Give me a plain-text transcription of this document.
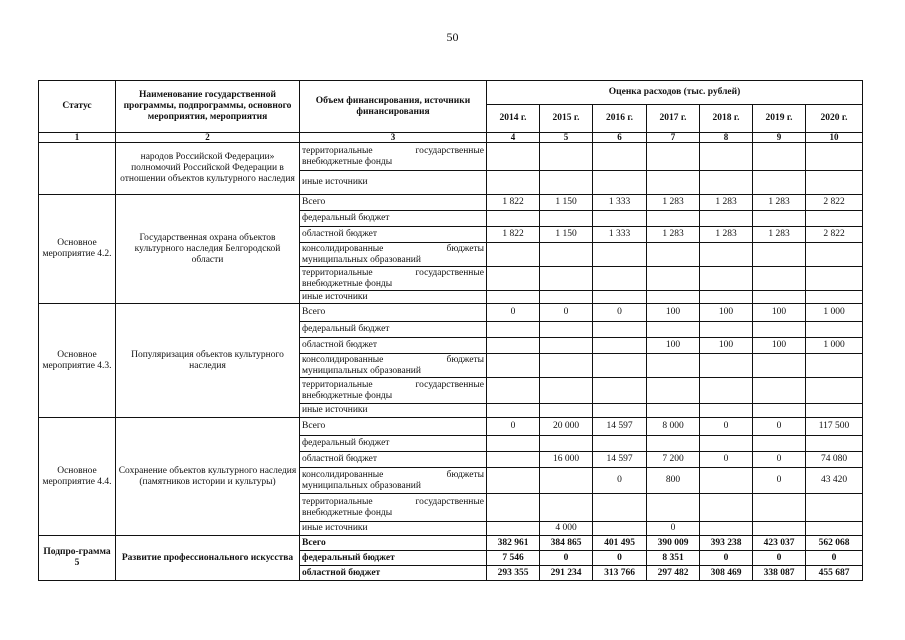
50
Статус	Наименование государственной программы, подпрограммы, основного мероприятия, мероприятия	Объем финансирования, источники финансирования	Оценка расходов (тыс. рублей)						
			2014 г.	2015 г.	2016 г.	2017 г.	2018 г.	2019 г.	2020 г.
1	2	3	4	5	6	7	8	9	10
	народов Российской Федерации» полномочий Российской Федерации в отношении объектов культурного наследия	территориальные государственные
внебюджетные фонды							

		иные источники							
Основное мероприятие 4.2.	Государственная охрана объектов культурного наследия Белгородской области	Всего	1 822	1 150	1 333	1 283	1 283	1 283	2 822
		федеральный бюджет							
		областной бюджет	1 822	1 150	1 333	1 283	1 283	1 283	2 822

		консолидированные бюджеты
муниципальных образований							

		территориальные государственные
внебюджетные фонды							

		иные источники							
Основное мероприятие 4.3.	Популяризация объектов культурного наследия	Всего	0	0	0	100	100	100	1 000
		федеральный бюджет							
		областной бюджет				100	100	100	1 000

		консолидированные бюджеты
муниципальных образований							

		территориальные государственные
внебюджетные фонды							

		иные источники							
Основное мероприятие 4.4.	Сохранение объектов культурного наследия (памятников истории и культуры)	Всего	0	20 000	14 597	8 000	0	0	117 500
		федеральный бюджет							
		областной бюджет		16 000	14 597	7 200	0	0	74 080

		консолидированные бюджеты
муниципальных образований			0	800		0	43 420

		территориальные государственные
внебюджетные фонды							

		иные источники		4 000		0			
Подпро-грамма 5	Развитие профессионального искусства	Всего	382 961	384 865	401 495	390 009	393 238	423 037	562 068
		федеральный бюджет	7 546	0	0	8 351	0	0	0
		областной бюджет	293 355	291 234	313 766	297 482	308 469	338 087	455 687
